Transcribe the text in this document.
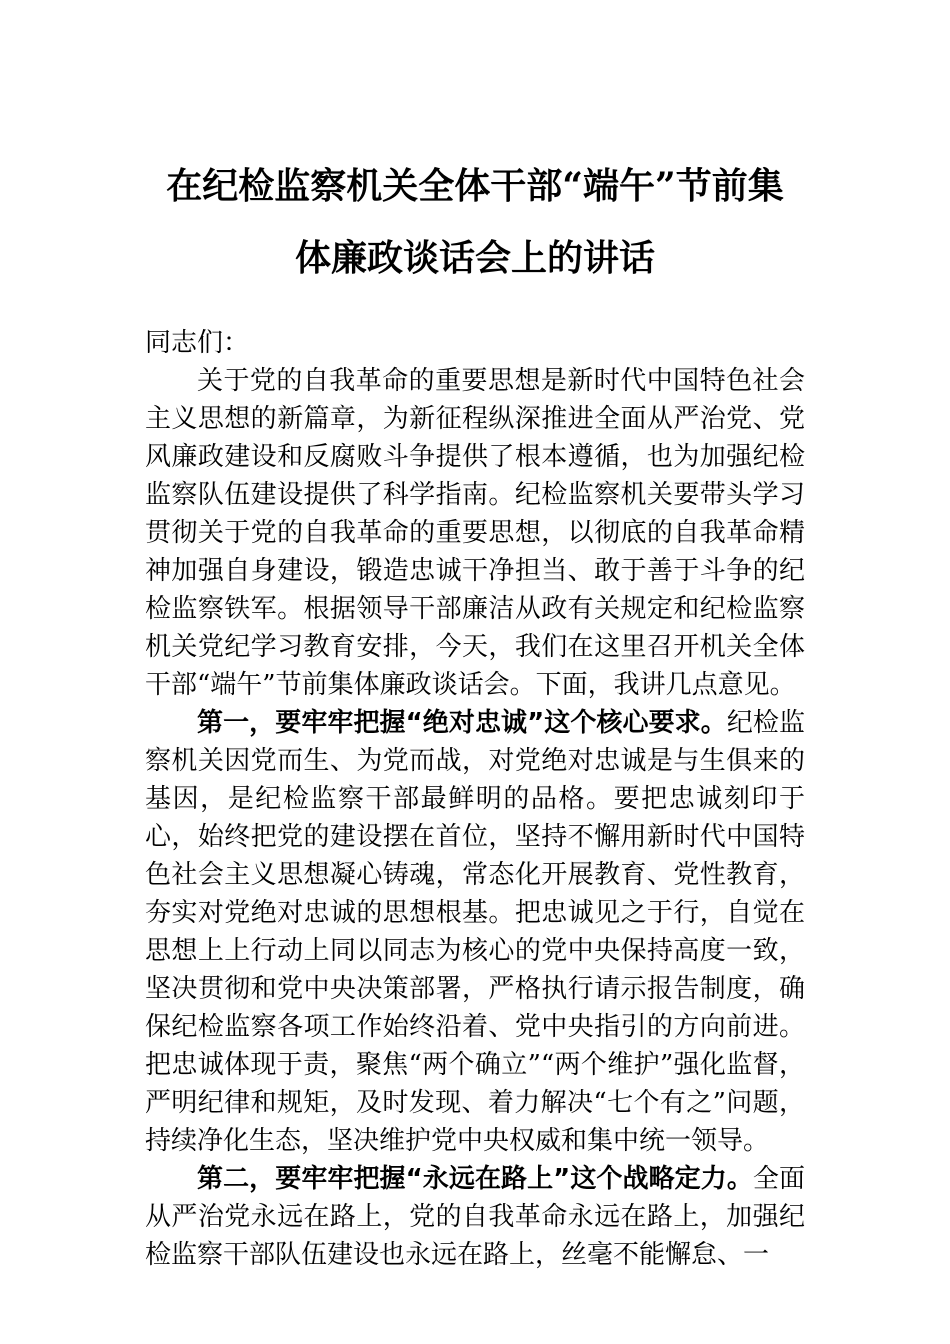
在纪检监察机关全体干部“端午”节前集
体廉政谈话会上的讲话

同志们：

关于党的自我革命的重要思想是新时代中国特色社会主义思想的新篇章，为新征程纵深推进全面从严治党、党风廉政建设和反腐败斗争提供了根本遵循，也为加强纪检监察队伍建设提供了科学指南。纪检监察机关要带头学习贯彻关于党的自我革命的重要思想，以彻底的自我革命精神加强自身建设，锻造忠诚干净担当、敢于善于斗争的纪检监察铁军。根据领导干部廉洁从政有关规定和纪检监察机关党纪学习教育安排，今天，我们在这里召开机关全体干部“端午”节前集体廉政谈话会。下面，我讲几点意见。

第一，要牢牢把握“绝对忠诚”这个核心要求。纪检监察机关因党而生、为党而战，对党绝对忠诚是与生俱来的基因，是纪检监察干部最鲜明的品格。要把忠诚刻印于心，始终把党的建设摆在首位，坚持不懈用新时代中国特色社会主义思想凝心铸魂，常态化开展教育、党性教育，夯实对党绝对忠诚的思想根基。把忠诚见之于行，自觉在思想上上行动上同以同志为核心的党中央保持高度一致，坚决贯彻和党中央决策部署，严格执行请示报告制度，确保纪检监察各项工作始终沿着、党中央指引的方向前进。把忠诚体现于责，聚焦“两个确立”“两个维护”强化监督，严明纪律和规矩，及时发现、着力解决“七个有之”问题，持续净化生态，坚决维护党中央权威和集中统一领导。

第二，要牢牢把握“永远在路上”这个战略定力。全面从严治党永远在路上，党的自我革命永远在路上，加强纪检监察干部队伍建设也永远在路上，丝毫不能懈怠、一
